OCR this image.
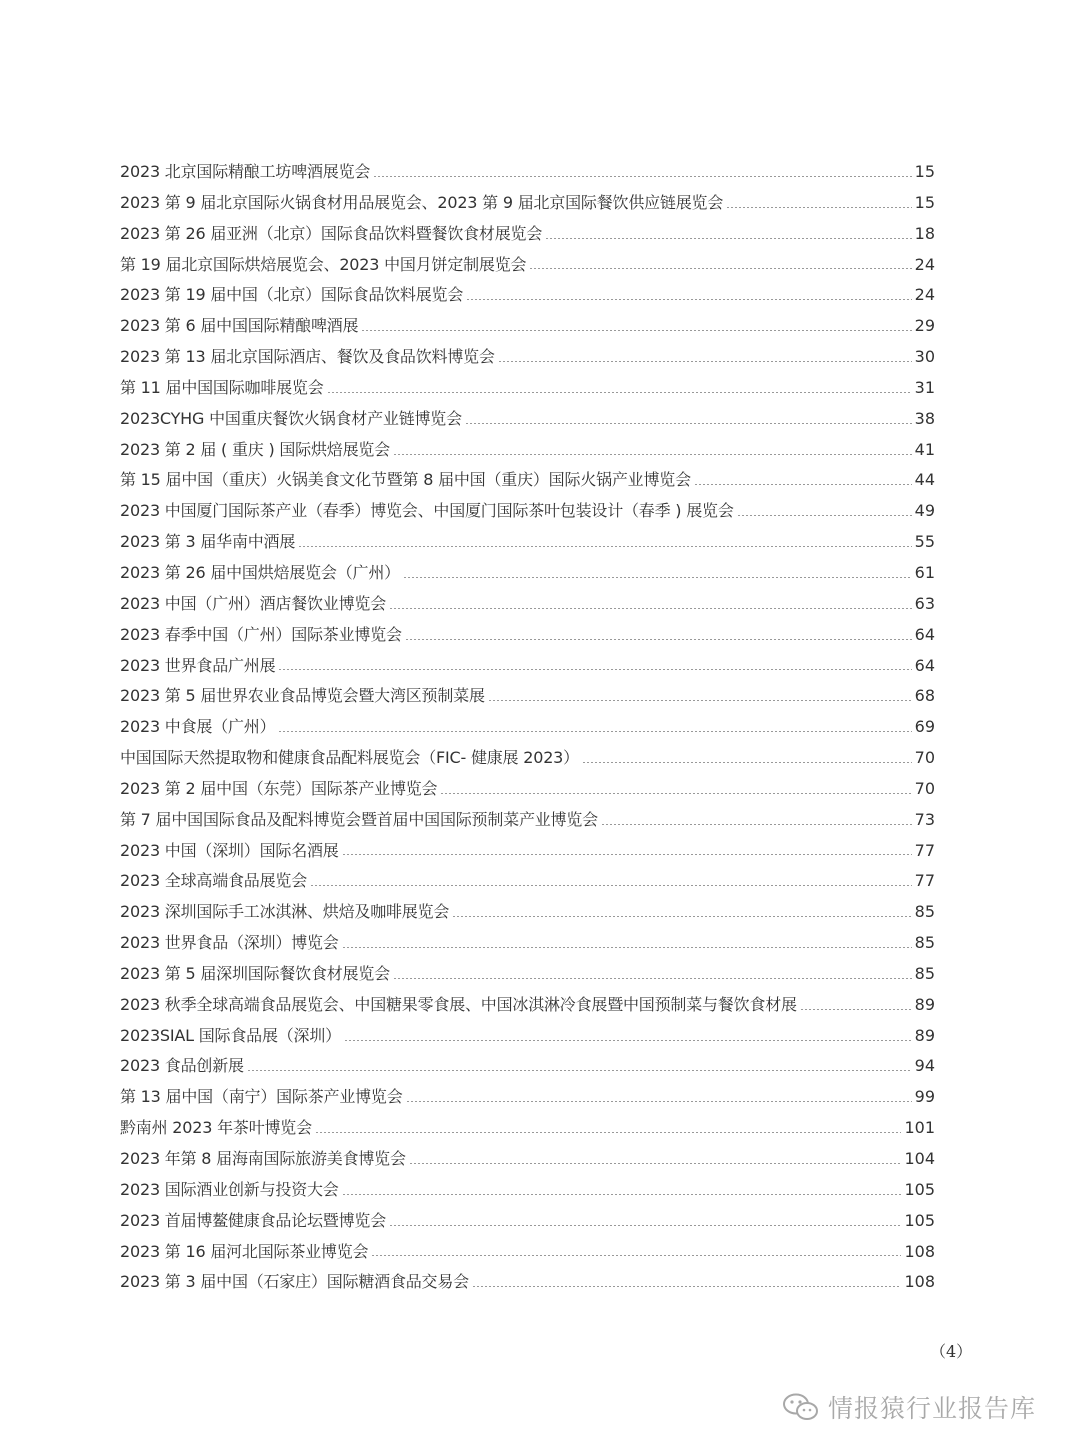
2023 北京国际精酿工坊啤酒展览会	15
2023 第 9 届北京国际火锅食材用品展览会、2023 第 9 届北京国际餐饮供应链展览会	15
2023 第 26 届亚洲（北京）国际食品饮料暨餐饮食材展览会	18
第 19 届北京国际烘焙展览会、2023 中国月饼定制展览会	24
2023 第 19 届中国（北京）国际食品饮料展览会	24
2023 第 6 届中国国际精酿啤酒展	29
2023 第 13 届北京国际酒店、餐饮及食品饮料博览会	30
第 11 届中国国际咖啡展览会	31
2023CYHG 中国重庆餐饮火锅食材产业链博览会	38
2023 第 2 届 ( 重庆 ) 国际烘焙展览会	41
第 15 届中国（重庆）火锅美食文化节暨第 8 届中国（重庆）国际火锅产业博览会	44
2023 中国厦门国际茶产业（春季）博览会、中国厦门国际茶叶包装设计（春季 ) 展览会	49
2023 第 3 届华南中酒展	55
2023 第 26 届中国烘焙展览会（广州）	61
2023 中国（广州）酒店餐饮业博览会	63
2023 春季中国（广州）国际茶业博览会	64
2023 世界食品广州展	64
2023 第 5 届世界农业食品博览会暨大湾区预制菜展	68
2023 中食展（广州）	69
中国国际天然提取物和健康食品配料展览会（FIC- 健康展 2023）	70
2023 第 2 届中国（东莞）国际茶产业博览会	70
第 7 届中国国际食品及配料博览会暨首届中国国际预制菜产业博览会	73
2023 中国（深圳）国际名酒展	77
2023 全球高端食品展览会	77
2023 深圳国际手工冰淇淋、烘焙及咖啡展览会	85
2023 世界食品（深圳）博览会	85
2023 第 5 届深圳国际餐饮食材展览会	85
2023 秋季全球高端食品展览会、中国糖果零食展、中国冰淇淋冷食展暨中国预制菜与餐饮食材展	89
2023SIAL 国际食品展（深圳）	89
2023 食品创新展	94
第 13 届中国（南宁）国际茶产业博览会	99
黔南州 2023 年茶叶博览会	101
2023 年第 8 届海南国际旅游美食博览会	104
2023 国际酒业创新与投资大会	105
2023 首届博鳌健康食品论坛暨博览会	105
2023 第 16 届河北国际茶业博览会	108
2023 第 3 届中国（石家庄）国际糖酒食品交易会	108
（4）
情报猿行业报告库
